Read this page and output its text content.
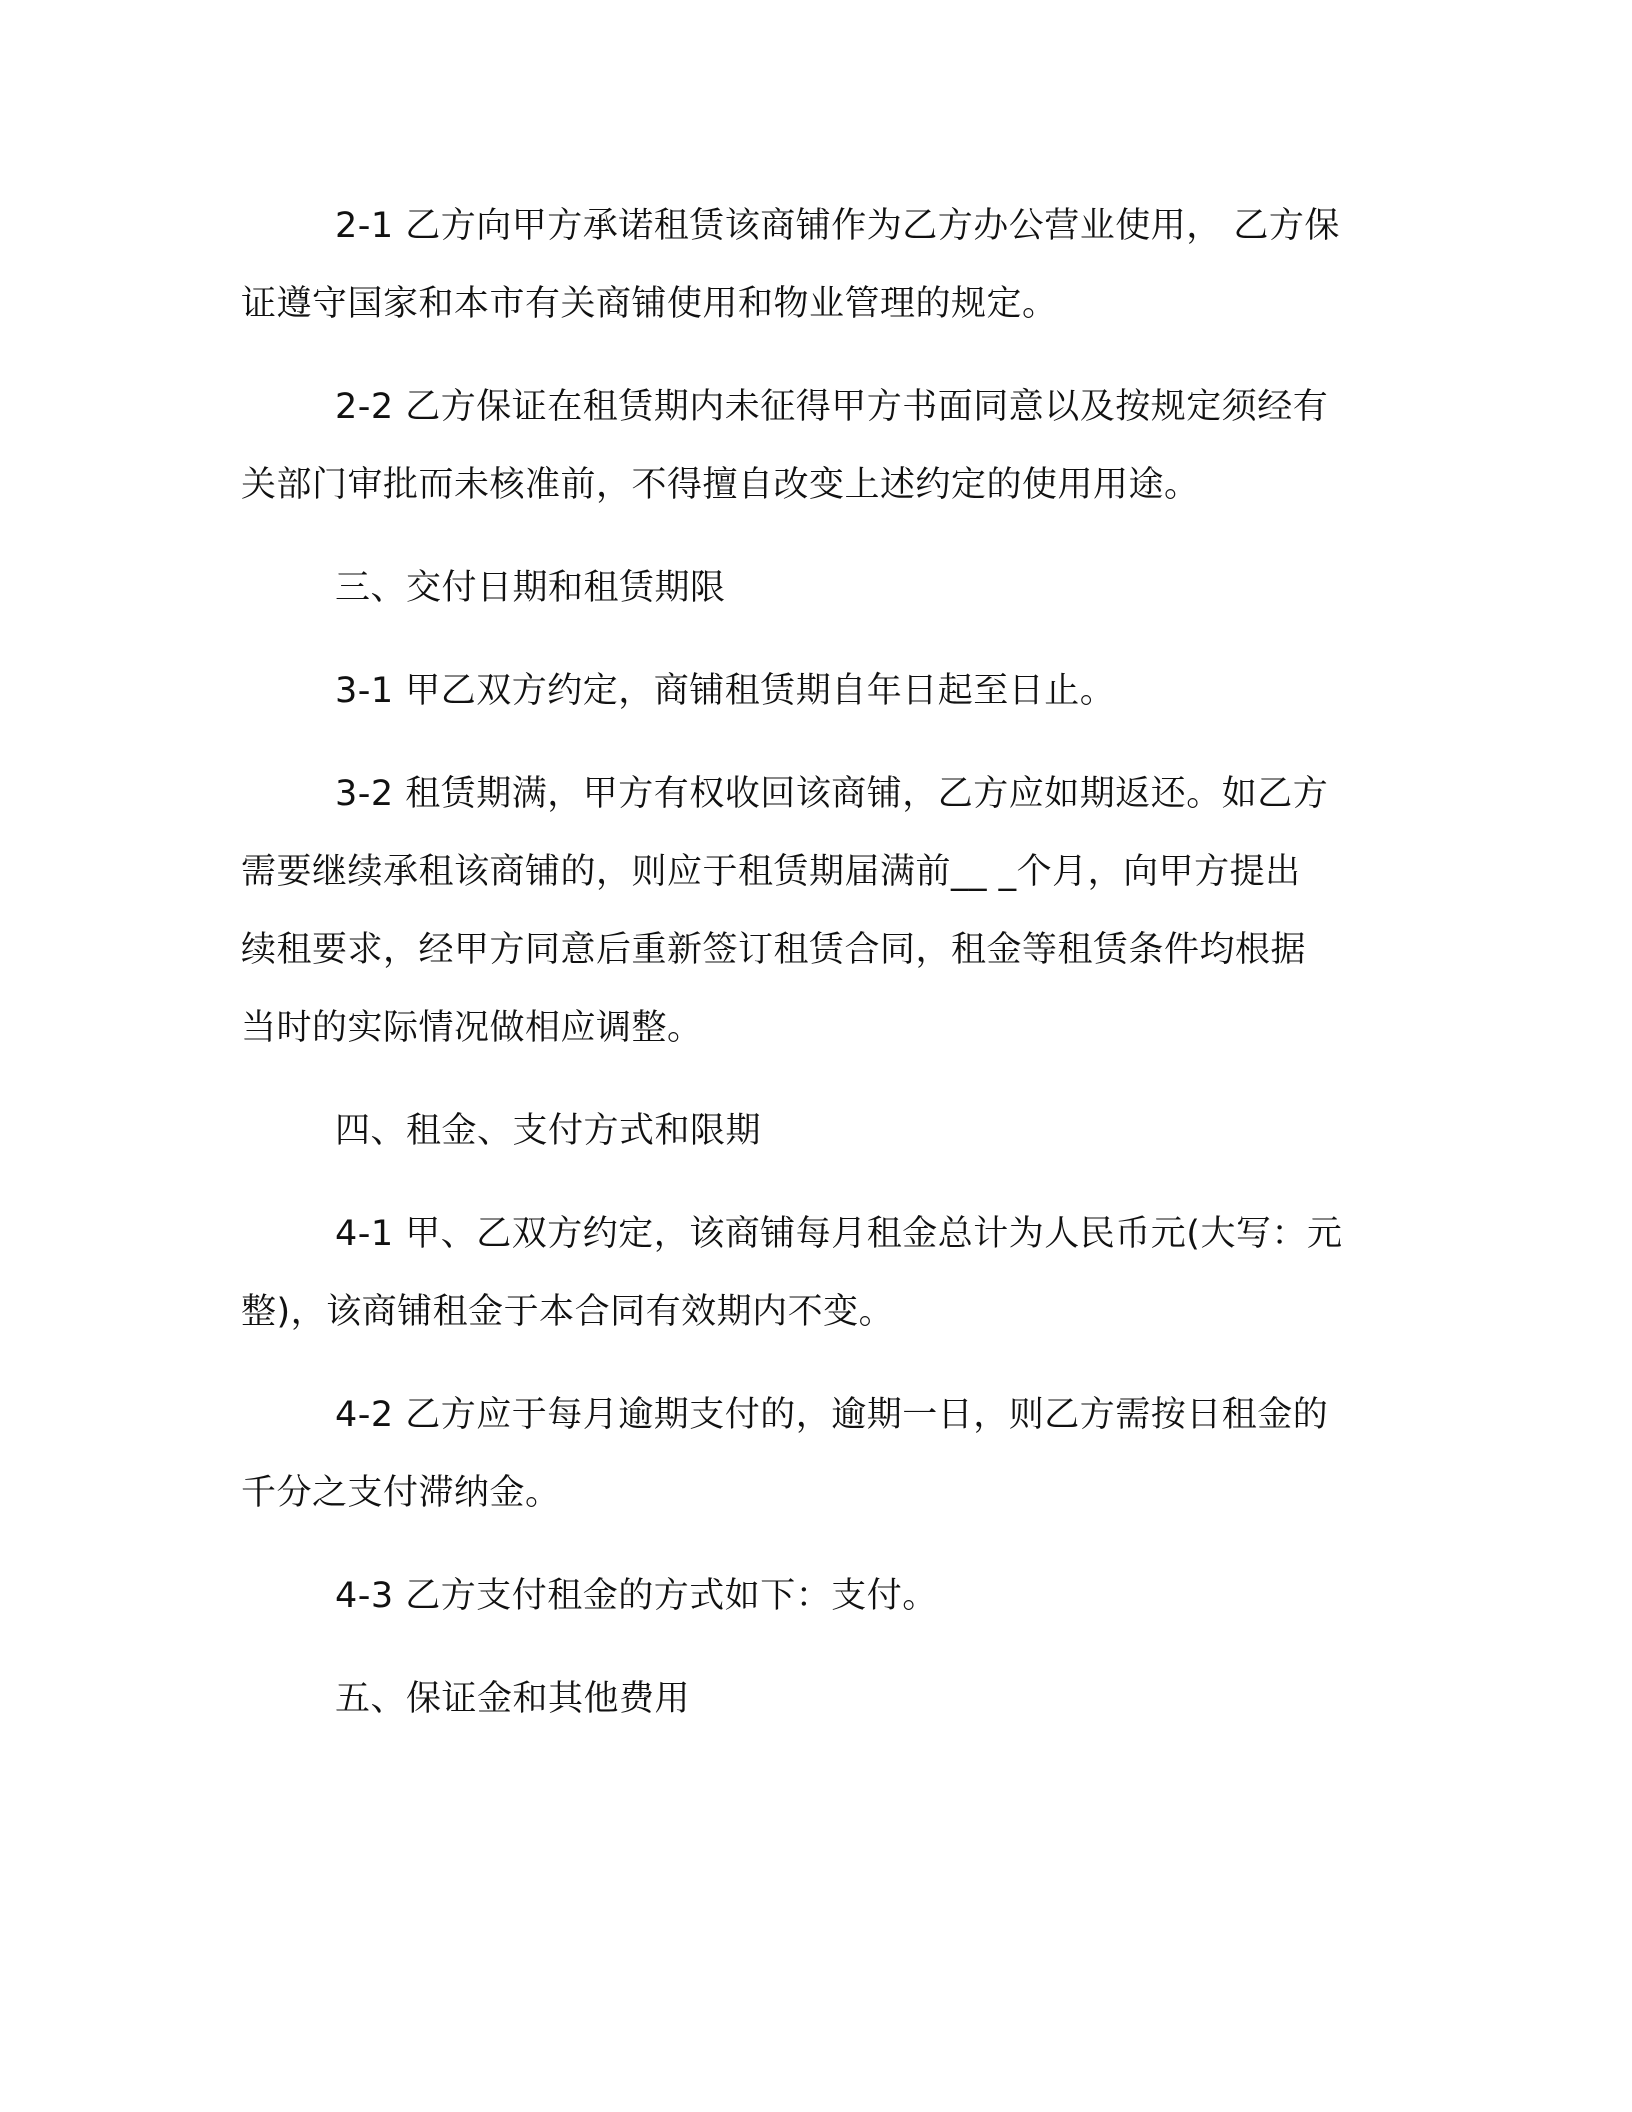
2-1 乙方向甲方承诺租赁该商铺作为乙方办公营业使用， 乙方保
证遵守国家和本市有关商铺使用和物业管理的规定。
2-2 乙方保证在租赁期内未征得甲方书面同意以及按规定须经有
关部门审批而未核准前，不得擅自改变上述约定的使用用途。
三、交付日期和租赁期限
3-1 甲乙双方约定，商铺租赁期自年日起至日止。
3-2 租赁期满，甲方有权收回该商铺，乙方应如期返还。如乙方
需要继续承租该商铺的，则应于租赁期届满前__ _个月，向甲方提出
续租要求，经甲方同意后重新签订租赁合同，租金等租赁条件均根据
当时的实际情况做相应调整。
四、租金、支付方式和限期
4-1 甲、乙双方约定，该商铺每月租金总计为人民币元(大写：元
整)，该商铺租金于本合同有效期内不变。
4-2 乙方应于每月逾期支付的，逾期一日，则乙方需按日租金的
千分之支付滞纳金。
4-3 乙方支付租金的方式如下：支付。
五、保证金和其他费用
